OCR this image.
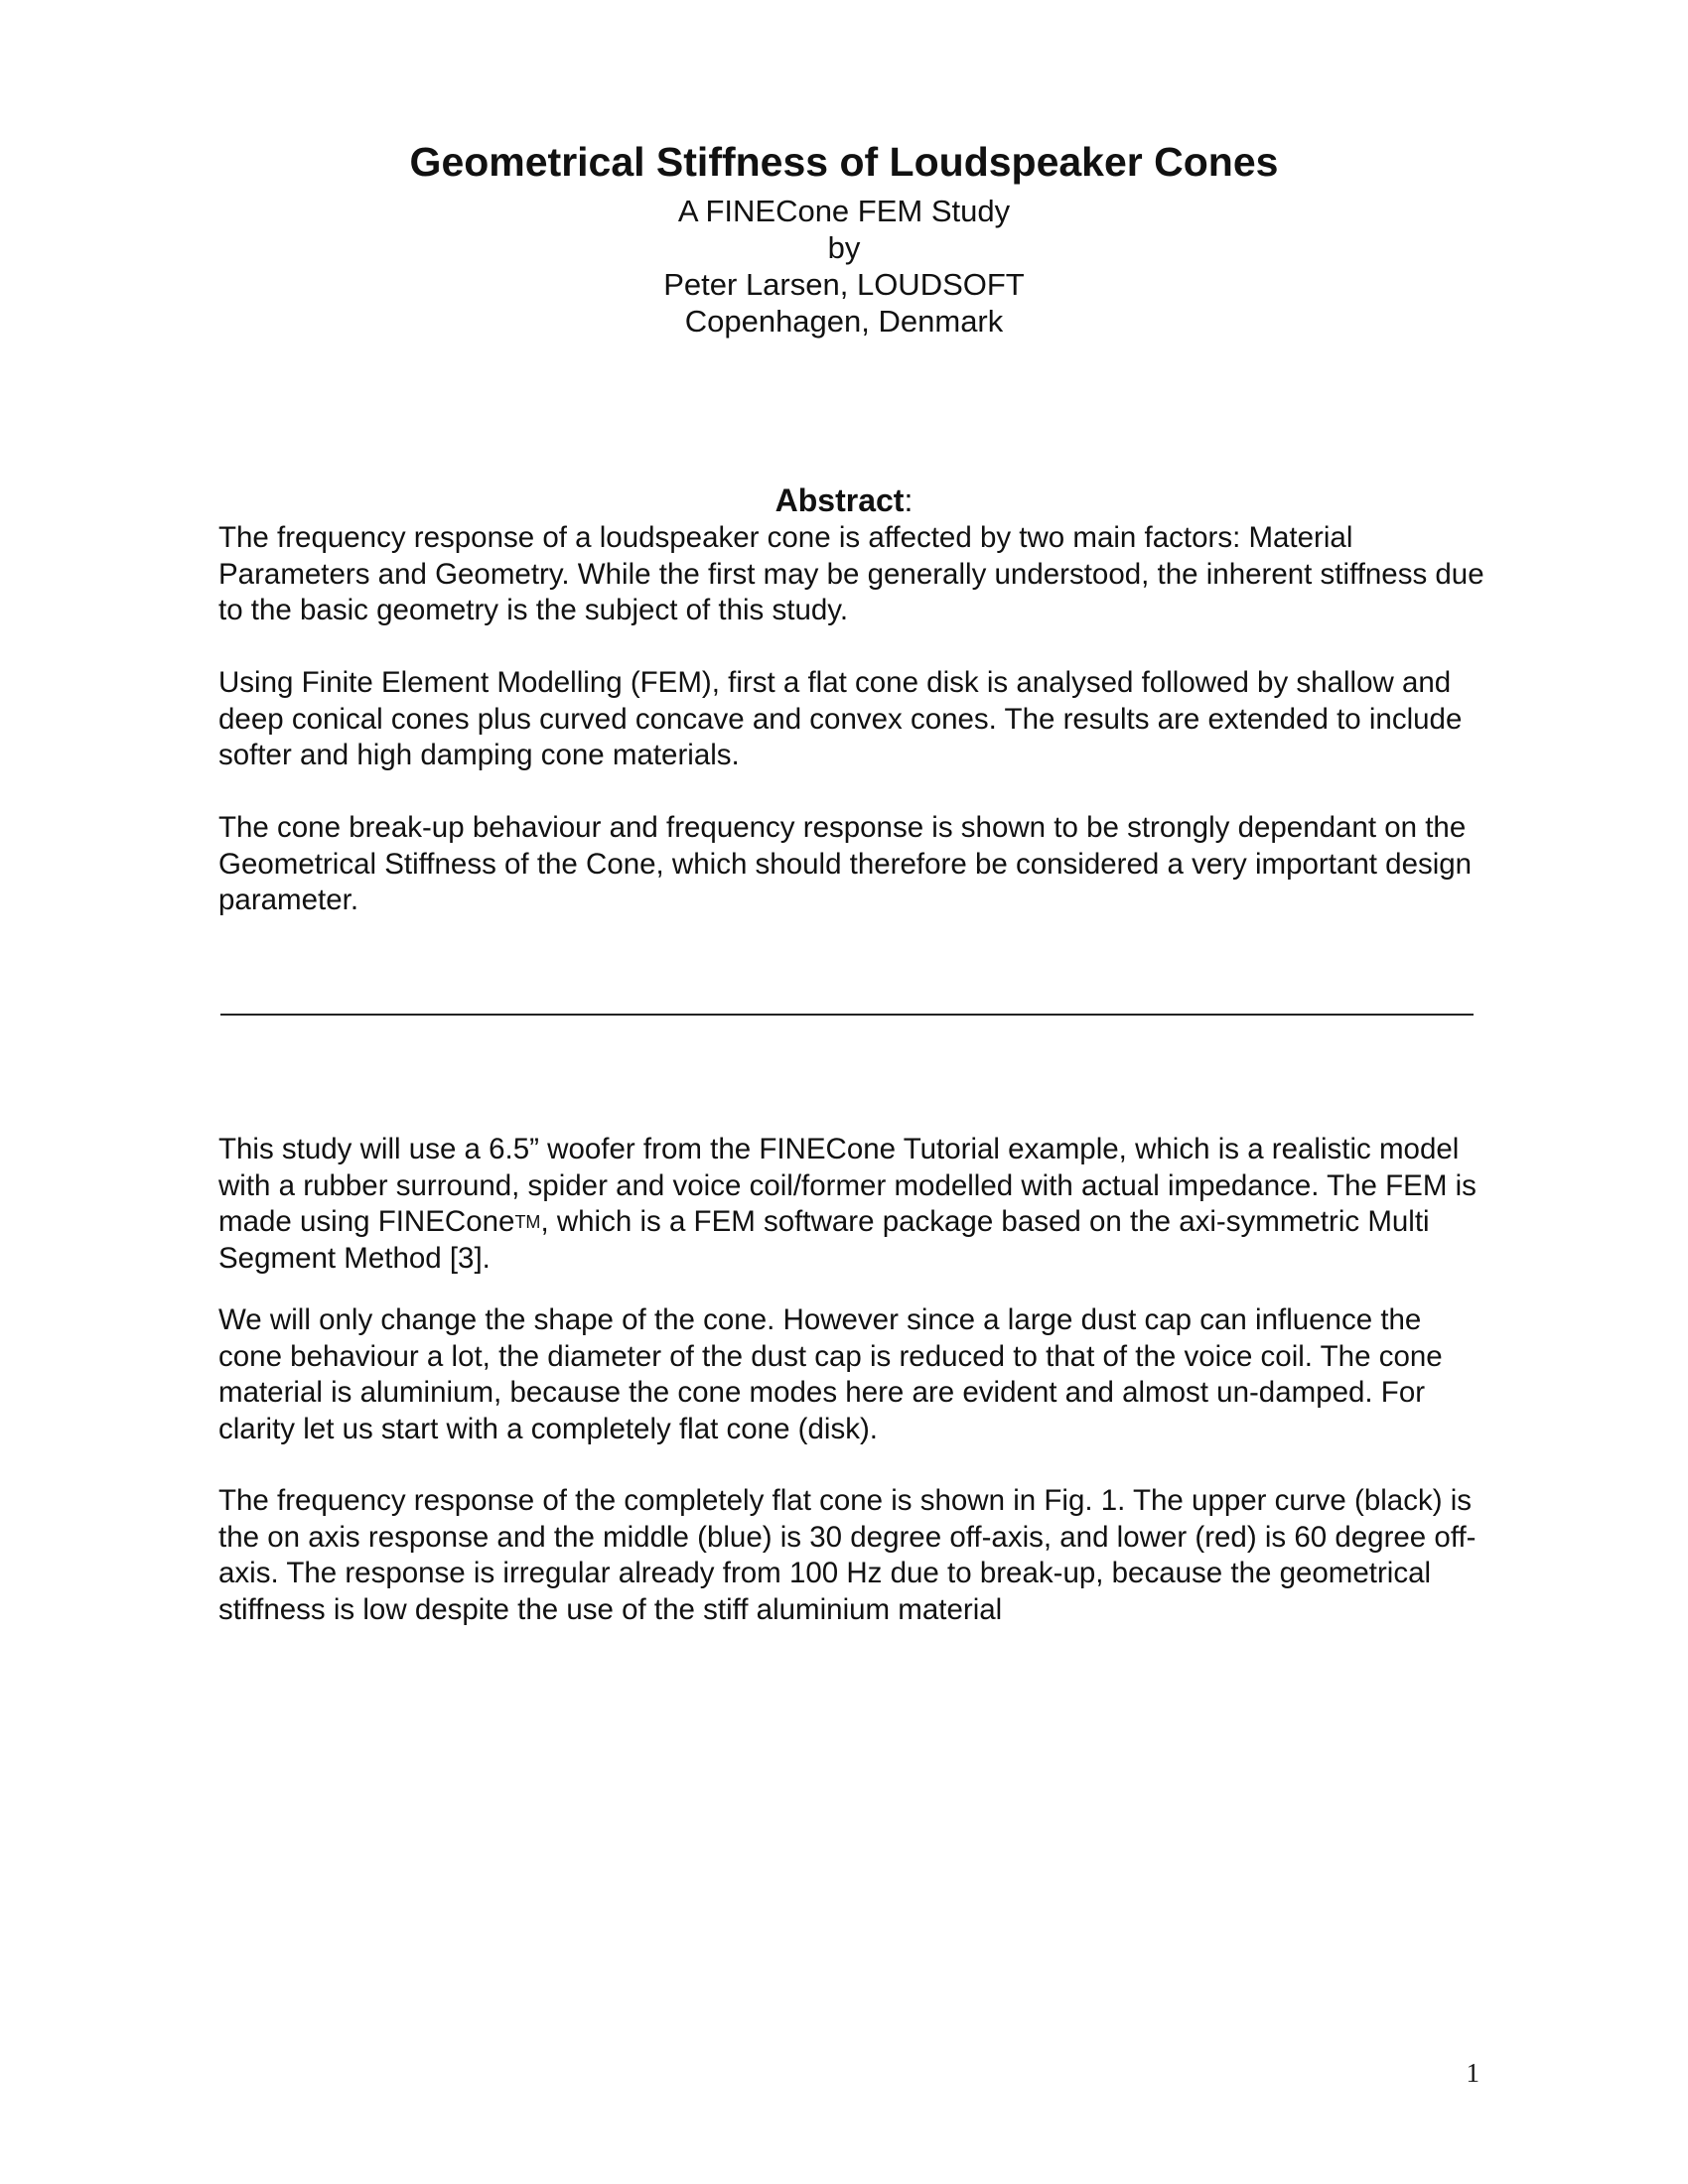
Geometrical Stiffness of Loudspeaker Cones
A FINECone FEM Study
by
Peter Larsen, LOUDSOFT
Copenhagen, Denmark
Abstract:

The frequency response of a loudspeaker cone is affected by two main factors: Material Parameters and Geometry. While the first may be generally understood, the inherent stiffness due to the basic geometry is the subject of this study.

Using Finite Element Modelling (FEM), first a flat cone disk is analysed followed by shallow and deep conical cones plus curved concave and convex cones. The results are extended to include softer and high damping cone materials.

The cone break-up behaviour and frequency response is shown to be strongly dependant on the Geometrical Stiffness of the Cone, which should therefore be considered a very important design parameter.

This study will use a 6.5” woofer from the FINECone Tutorial example, which is a realistic model with a rubber surround, spider and voice coil/former modelled with actual impedance. The FEM is made using FINEConeTM, which is a FEM software package based on the axi-symmetric Multi Segment Method [3].

We will only change the shape of the cone. However since a large dust cap can influence the cone behaviour a lot, the diameter of the dust cap is reduced to that of the voice coil. The cone material is aluminium, because the cone modes here are evident and almost un-damped. For clarity let us start with a completely flat cone (disk).

The frequency response of the completely flat cone is shown in Fig. 1. The upper curve (black) is the on axis response and the middle (blue) is 30 degree off-axis, and lower (red) is 60 degree off-axis. The response is irregular already from 100 Hz due to break-up, because the geometrical stiffness is low despite the use of the stiff aluminium material

1
